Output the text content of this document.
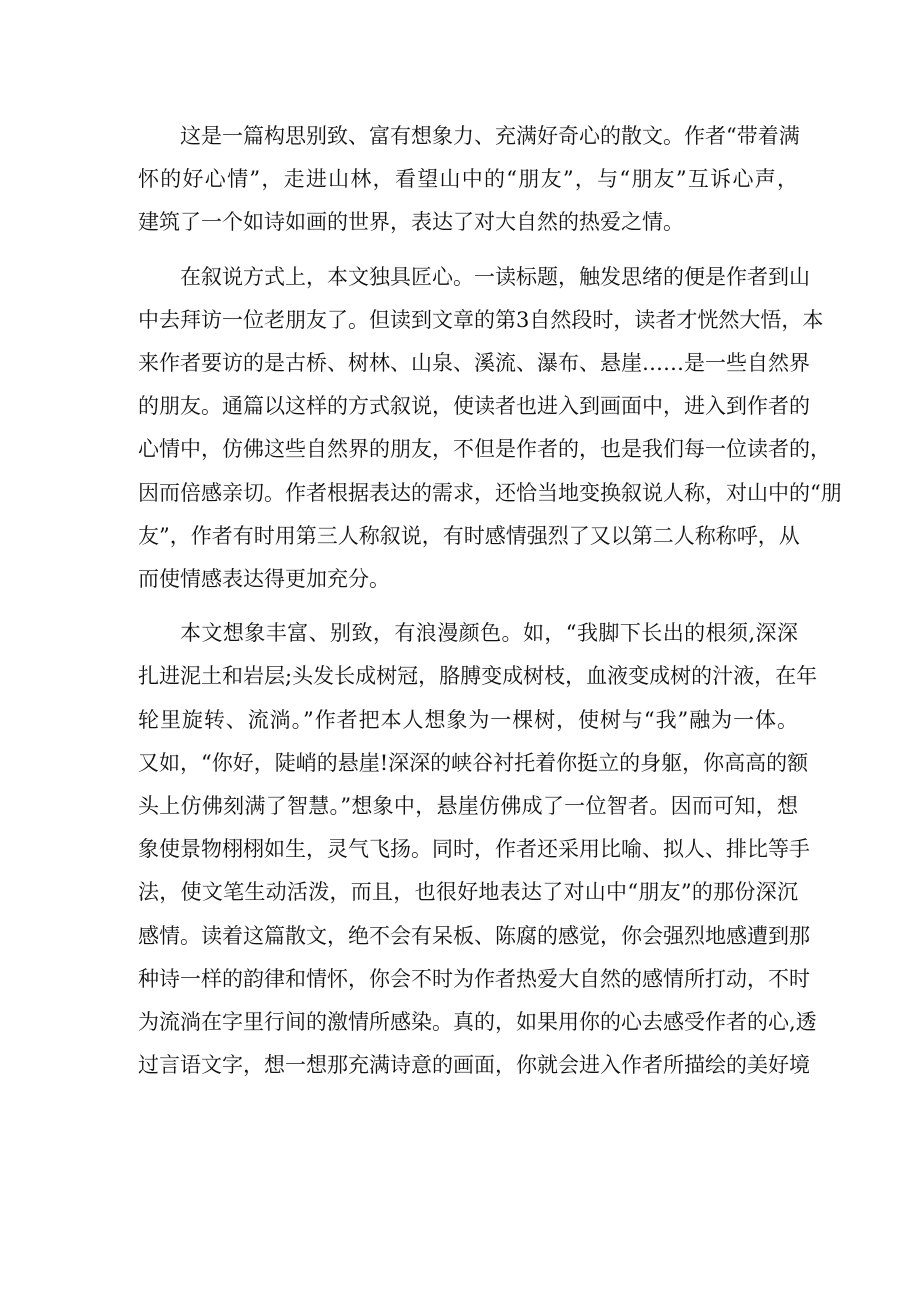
这是一篇构思别致、富有想象力、充满好奇心的散文。作者“带着满
怀的好心情”，走进山林，看望山中的“朋友”，与“朋友”互诉心声，
建筑了一个如诗如画的世界，表达了对大自然的热爱之情。

在叙说方式上，本文独具匠心。一读标题，触发思绪的便是作者到山
中去拜访一位老朋友了。但读到文章的第3自然段时，读者才恍然大悟，本
来作者要访的是古桥、树林、山泉、溪流、瀑布、悬崖……是一些自然界
的朋友。通篇以这样的方式叙说，使读者也进入到画面中，进入到作者的
心情中，仿佛这些自然界的朋友，不但是作者的，也是我们每一位读者的，
因而倍感亲切。作者根据表达的需求，还恰当地变换叙说人称，对山中的“朋
友”，作者有时用第三人称叙说，有时感情强烈了又以第二人称称呼，从
而使情感表达得更加充分。

本文想象丰富、别致，有浪漫颜色。如，“我脚下长出的根须,深深
扎进泥土和岩层;头发长成树冠，胳膊变成树枝，血液变成树的汁液，在年
轮里旋转、流淌。”作者把本人想象为一棵树，使树与“我”融为一体。
又如，“你好，陡峭的悬崖!深深的峡谷衬托着你挺立的身躯，你高高的额
头上仿佛刻满了智慧。”想象中，悬崖仿佛成了一位智者。因而可知，想
象使景物栩栩如生，灵气飞扬。同时，作者还采用比喻、拟人、排比等手
法，使文笔生动活泼，而且，也很好地表达了对山中“朋友”的那份深沉
感情。读着这篇散文，绝不会有呆板、陈腐的感觉，你会强烈地感遭到那
种诗一样的韵律和情怀，你会不时为作者热爱大自然的感情所打动，不时
为流淌在字里行间的激情所感染。真的，如果用你的心去感受作者的心,透
过言语文字，想一想那充满诗意的画面，你就会进入作者所描绘的美好境
